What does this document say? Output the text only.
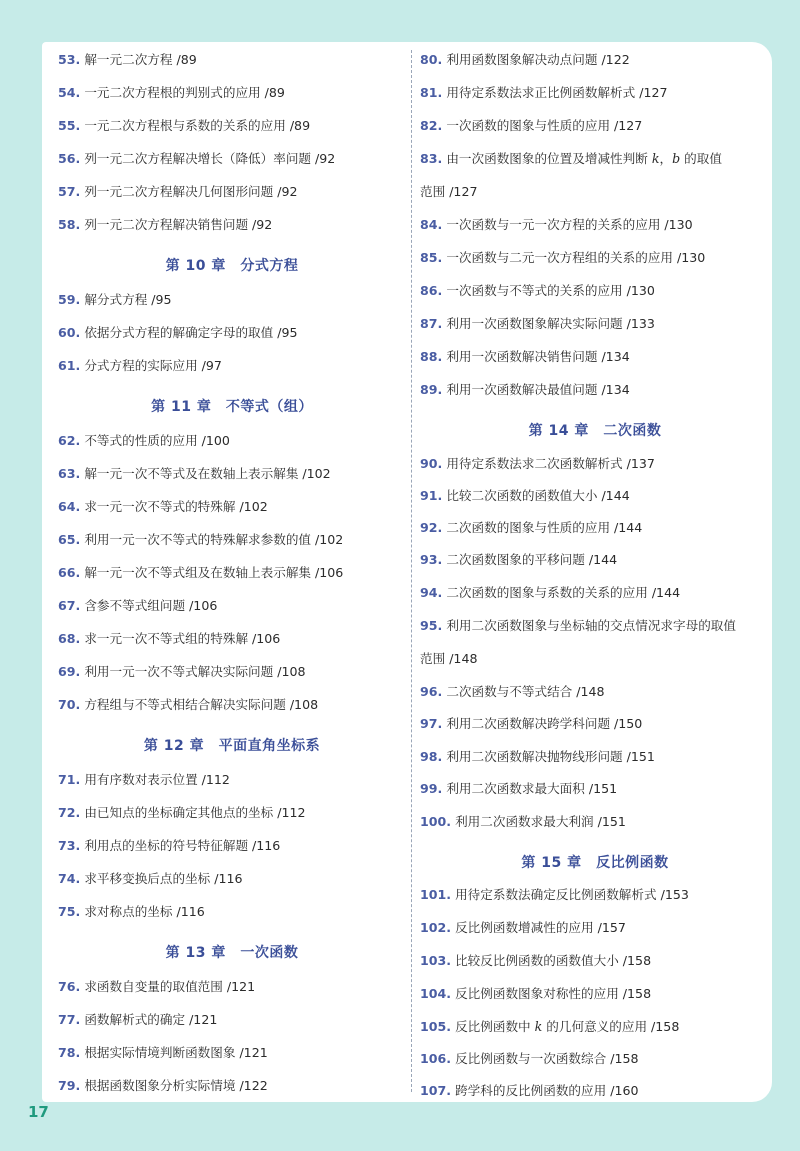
53. 解一元二次方程 /89
54. 一元二次方程根的判别式的应用 /89
55. 一元二次方程根与系数的关系的应用 /89
56. 列一元二次方程解决增长（降低）率问题 /92
57. 列一元二次方程解决几何图形问题 /92
58. 列一元二次方程解决销售问题 /92
第 10 章　分式方程
59. 解分式方程 /95
60. 依据分式方程的解确定字母的取值 /95
61. 分式方程的实际应用 /97
第 11 章　不等式（组）
62. 不等式的性质的应用 /100
63. 解一元一次不等式及在数轴上表示解集 /102
64. 求一元一次不等式的特殊解 /102
65. 利用一元一次不等式的特殊解求参数的值 /102
66. 解一元一次不等式组及在数轴上表示解集 /106
67. 含参不等式组问题 /106
68. 求一元一次不等式组的特殊解 /106
69. 利用一元一次不等式解决实际问题 /108
70. 方程组与不等式相结合解决实际问题 /108
第 12 章　平面直角坐标系
71. 用有序数对表示位置 /112
72. 由已知点的坐标确定其他点的坐标 /112
73. 利用点的坐标的符号特征解题 /116
74. 求平移变换后点的坐标 /116
75. 求对称点的坐标 /116
第 13 章　一次函数
76. 求函数自变量的取值范围 /121
77. 函数解析式的确定 /121
78. 根据实际情境判断函数图象 /121
79. 根据函数图象分析实际情境 /122
80. 利用函数图象解决动点问题 /122
81. 用待定系数法求正比例函数解析式 /127
82. 一次函数的图象与性质的应用 /127
83. 由一次函数图象的位置及增减性判断 k，b 的取值
范围 /127
84. 一次函数与一元一次方程的关系的应用 /130
85. 一次函数与二元一次方程组的关系的应用 /130
86. 一次函数与不等式的关系的应用 /130
87. 利用一次函数图象解决实际问题 /133
88. 利用一次函数解决销售问题 /134
89. 利用一次函数解决最值问题 /134
第 14 章　二次函数
90. 用待定系数法求二次函数解析式 /137
91. 比较二次函数的函数值大小 /144
92. 二次函数的图象与性质的应用 /144
93. 二次函数图象的平移问题 /144
94. 二次函数的图象与系数的关系的应用 /144
95. 利用二次函数图象与坐标轴的交点情况求字母的取值
范围 /148
96. 二次函数与不等式结合 /148
97. 利用二次函数解决跨学科问题 /150
98. 利用二次函数解决抛物线形问题 /151
99. 利用二次函数求最大面积 /151
100. 利用二次函数求最大利润 /151
第 15 章　反比例函数
101. 用待定系数法确定反比例函数解析式 /153
102. 反比例函数增减性的应用 /157
103. 比较反比例函数的函数值大小 /158
104. 反比例函数图象对称性的应用 /158
105. 反比例函数中 k 的几何意义的应用 /158
106. 反比例函数与一次函数综合 /158
107. 跨学科的反比例函数的应用 /160
17
